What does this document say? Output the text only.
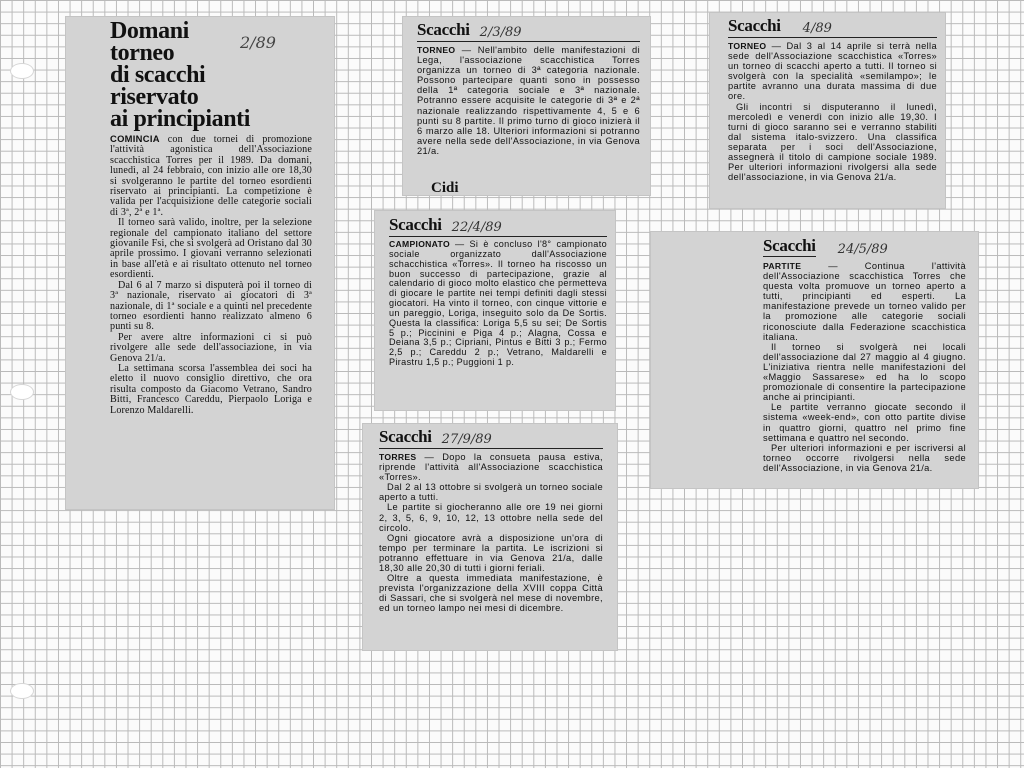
Domani
torneo
di scacchi
riservato
ai principianti
2/89

COMINCIA con due tornei di promozione l'attività agonistica dell'Associazione scacchistica Torres per il 1989. Da domani, lunedì, al 24 febbraio, con inizio alle ore 18,30 si svolgeranno le partite del torneo esordienti riservato ai principianti. La competizione è valida per l'acquisizione delle categorie sociali di 3ª, 2ª e 1ª.

Il torneo sarà valido, inoltre, per la selezione regionale del campionato italiano del settore giovanile Fsi, che si svolgerà ad Oristano dal 30 aprile prossimo. I giovani verranno selezionati in base all'età e ai risultato ottenuto nel torneo esordienti.

Dal 6 al 7 marzo si disputerà poi il torneo di 3ª nazionale, riservato ai giocatori di 3ª nazionale, di 1ª sociale e a quinti nel precedente torneo esordienti hanno realizzato almeno 6 punti su 8.

Per avere altre informazioni ci si può rivolgere alle sede dell'associazione, in via Genova 21/a.

La settimana scorsa l'assemblea dei soci ha eletto il nuovo consiglio direttivo, che ora risulta composto da Giacomo Vetrano, Sandro Bitti, Francesco Careddu, Pierpaolo Loriga e Lorenzo Maldarelli.

Scacchi 2/3/89

TORNEO — Nell'ambito delle manifestazioni di Lega, l'associazione scacchistica Torres organizza un torneo di 3ª categoria nazionale. Possono partecipare quanti sono in possesso della 1ª categoria sociale e 3ª nazionale. Potranno essere acquisite le categorie di 3ª e 2ª nazionale realizzando rispettivamente 4, 5 e 6 punti su 8 partite. Il primo turno di gioco inizierà il 6 marzo alle 18. Ulteriori informazioni si potranno avere nella sede dell'Associazione, in via Genova 21/a.

Cidi
Scacchi 4/89

TORNEO — Dal 3 al 14 aprile si terrà nella sede dell'Associazione scacchistica «Torres» un torneo di scacchi aperto a tutti. Il torneo si svolgerà con la specialità «semilampo»; le partite avranno una durata massima di due ore.

Gli incontri si disputeranno il lunedì, mercoledì e venerdì con inizio alle 19,30. I turni di gioco saranno sei e verranno stabiliti dal sistema italo-svizzero. Una classifica separata per i soci dell'Associazione, assegnerà il titolo di campione sociale 1989. Per ulteriori informazioni rivolgersi alla sede dell'associazione, in via Genova 21/a.

Scacchi 22/4/89

CAMPIONATO — Si è concluso l'8° campionato sociale organizzato dall'Associazione schacchistica «Torres». Il torneo ha riscosso un buon successo di partecipazione, grazie al calendario di gioco molto elastico che permetteva di giocare le partite nei tempi definiti dagli stessi giocatori. Ha vinto il torneo, con cinque vittorie e un pareggio, Loriga, inseguito solo da De Sortis. Questa la classifica: Loriga 5,5 su sei; De Sortis 5 p.; Piccinini e Piga 4 p.; Alagna, Cossa e Deiana 3,5 p.; Cipriani, Pintus e Bitti 3 p.; Fermo 2,5 p.; Careddu 2 p.; Vetrano, Maldarelli e Pirastru 1,5 p.; Puggioni 1 p.

Scacchi 24/5/89

PARTITE — Continua l'attività dell'Associazione scacchistica Torres che questa volta promuove un torneo aperto a tutti, principianti ed esperti. La manifestazione prevede un torneo valido per la promozione alle categorie sociali riconosciute dalla Federazione scacchistica italiana.

Il torneo si svolgerà nei locali dell'associazione dal 27 maggio al 4 giugno. L'iniziativa rientra nelle manifestazioni del «Maggio Sassarese» ed ha lo scopo promozionale di consentire la partecipazione anche ai principianti.

Le partite verranno giocate secondo il sistema «week-end», con otto partite divise in quattro giorni, quattro nel primo fine settimana e quattro nel secondo.

Per ulteriori informazioni e per iscriversi al torneo occorre rivolgersi nella sede dell'Associazione, in via Genova 21/a.

Scacchi 27/9/89

TORRES — Dopo la consueta pausa estiva, riprende l'attività all'Associazione scacchistica «Torres».

Dal 2 al 13 ottobre si svolgerà un torneo sociale aperto a tutti.

Le partite si giocheranno alle ore 19 nei giorni 2, 3, 5, 6, 9, 10, 12, 13 ottobre nella sede del circolo.

Ogni giocatore avrà a disposizione un'ora di tempo per terminare la partita. Le iscrizioni si potranno effettuare in via Genova 21/a, dalle 18,30 alle 20,30 di tutti i giorni feriali.

Oltre a questa immediata manifestazione, è prevista l'organizzazione della XVIII coppa Città di Sassari, che si svolgerà nel mese di novembre, ed un torneo lampo nei mesi di dicembre.
